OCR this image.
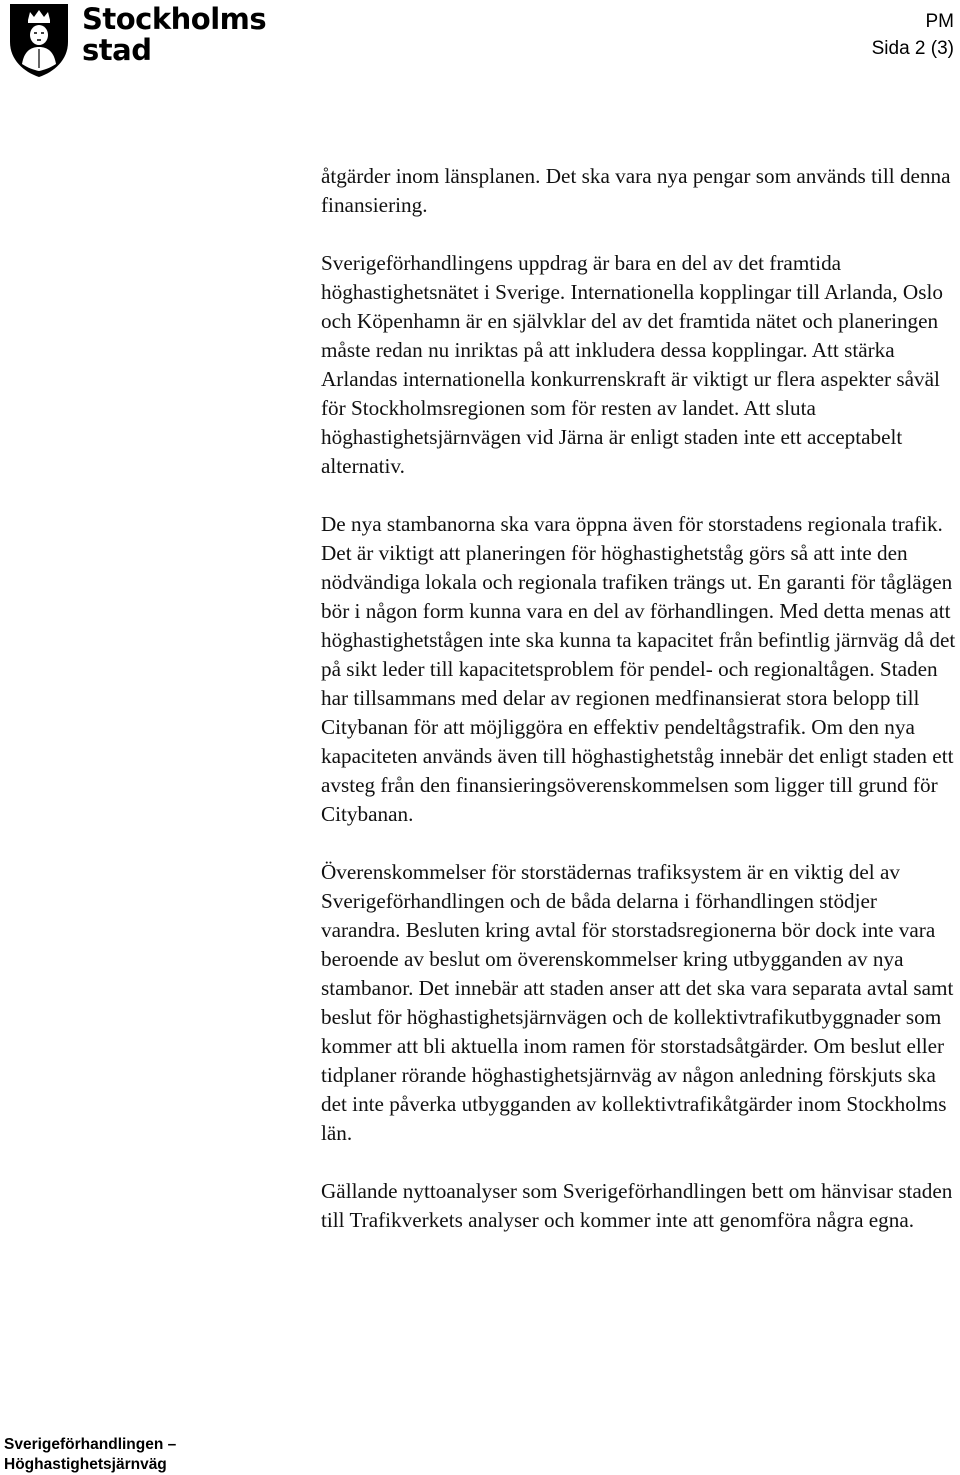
Stockholms
stad
PM
Sida 2 (3)

åtgärder inom länsplanen. Det ska vara nya pengar som används till denna finansiering.

Sverigeförhandlingens uppdrag är bara en del av det framtida höghastighetsnätet i Sverige. Internationella kopplingar till Arlanda, Oslo och Köpenhamn är en självklar del av det framtida nätet och planeringen måste redan nu inriktas på att inkludera dessa kopplingar. Att stärka Arlandas internationella konkurrenskraft är viktigt ur flera aspekter såväl för Stockholmsregionen som för resten av landet. Att sluta höghastighetsjärnvägen vid Järna är enligt staden inte ett acceptabelt alternativ.

De nya stambanorna ska vara öppna även för storstadens regionala trafik. Det är viktigt att planeringen för höghastighetståg görs så att inte den nödvändiga lokala och regionala trafiken trängs ut. En garanti för tåglägen bör i någon form kunna vara en del av förhandlingen. Med detta menas att höghastighetstågen inte ska kunna ta kapacitet från befintlig järnväg då det på sikt leder till kapacitetsproblem för pendel- och regionaltågen. Staden har tillsammans med delar av regionen medfinansierat stora belopp till Citybanan för att möjliggöra en effektiv pendeltågstrafik. Om den nya kapaciteten används även till höghastighetståg innebär det enligt staden ett avsteg från den finansieringsöverenskommelsen som ligger till grund för Citybanan.

Överenskommelser för storstädernas trafiksystem är en viktig del av Sverigeförhandlingen och de båda delarna i förhandlingen stödjer varandra. Besluten kring avtal för storstadsregionerna bör dock inte vara beroende av beslut om överenskommelser kring utbygganden av nya stambanor. Det innebär att staden anser att det ska vara separata avtal samt beslut för höghastighetsjärnvägen och de kollektivtrafikutbyggnader som kommer att bli aktuella inom ramen för storstadsåtgärder. Om beslut eller tidplaner rörande höghastighetsjärnväg av någon anledning förskjuts ska det inte påverka utbygganden av kollektivtrafikåtgärder inom Stockholms län.

Gällande nyttoanalyser som Sverigeförhandlingen bett om hänvisar staden till Trafikverkets analyser och kommer inte att genomföra några egna.

Sverigeförhandlingen –
Höghastighetsjärnväg
